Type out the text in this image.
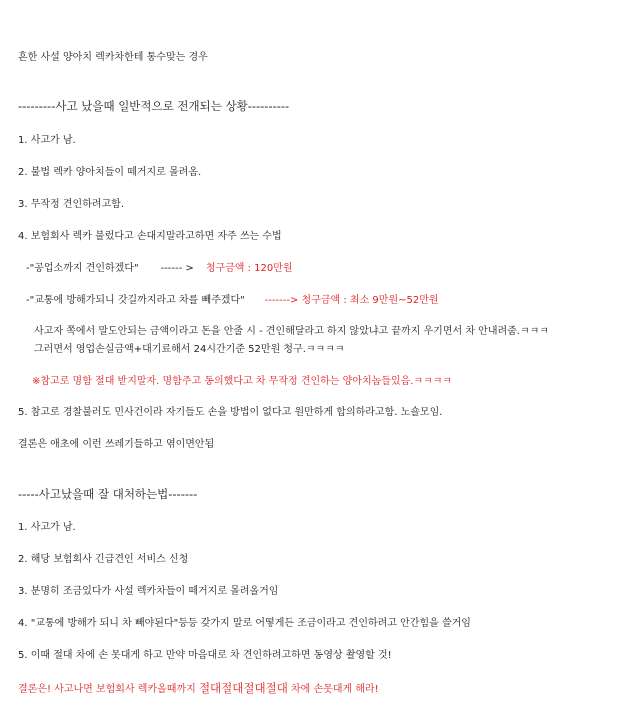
흔한 사설 양아치 렉카차한테 통수맞는 경우
---------사고 났을때 일반적으로 전개되는 상황----------
1. 사고가 남.
2. 불법 렉카 양아치들이 떼거지로 몰려옴.
3. 무작정 견인하려고함.
4. 보험회사 렉카 불렀다고 손대지말라고하면 자주 쓰는 수법
-"공업소까지 견인하겠다" ------ > 청구금액 : 120만원
-"교통에 방해가되니 갓길까지라고 차를 빼주겠다" -------> 청구금액 : 최소 9만원~52만원
사고자 쪽에서 말도안되는 금액이라고 돈을 안줄 시 - 견인해달라고 하지 않았냐고 끝까지 우기면서 차 안내려줌.ㅋㅋㅋ
그러면서 영업손실금액+대기료해서 24시간기준 52만원 청구.ㅋㅋㅋㅋ
※참고로 명함 절대 받지말자. 명함주고 동의했다고 차 무작정 견인하는 양아치놈들있음.ㅋㅋㅋㅋ
5. 참고로 경찰불러도 민사건이라 자기들도 손을 방법이 없다고 원만하게 합의하라고함. 노숄모임.
결론은 애초에 이런 쓰레기들하고 엮이면안됨
-----사고났을때 잘 대처하는법-------
1. 사고가 남.
2. 해당 보험회사 긴급견인 서비스 신청
3. 분명히 조금있다가 사설 렉카차들이 떼거지로 몰려올거임
4. "교통에 방해가 되니 차 빼야된다"등등 갖가지 말로 어떻게든 조금이라고 견인하려고 안간힘을 쓸거임
5. 이때 절대 차에 손 못대게 하고 만약 마음대로 차 견인하려고하면 동영상 촬영할 것!
결론은! 사고나면 보험회사 렉카올때까지 절대절대절대절대 차에 손못대게 해라!
